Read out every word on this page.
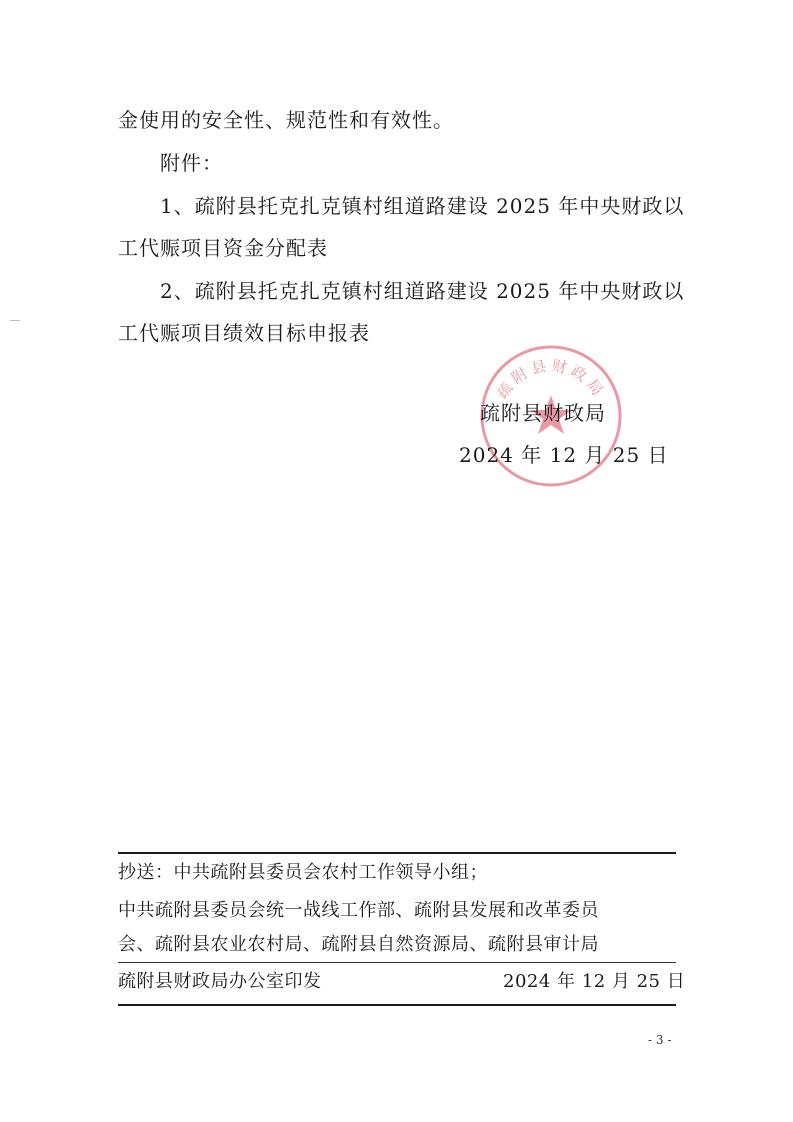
金使用的安全性、规范性和有效性。
附件：
1、疏附县托克扎克镇村组道路建设 2025 年中央财政以
工代赈项目资金分配表
2、疏附县托克扎克镇村组道路建设 2025 年中央财政以
工代赈项目绩效目标申报表
疏附县财政局
疏附县财政局
2024 年 12 月 25 日
抄送：中共疏附县委员会农村工作领导小组；
中共疏附县委员会统一战线工作部、疏附县发展和改革委员
会、疏附县农业农村局、疏附县自然资源局、疏附县审计局
疏附县财政局办公室印发	2024 年 12 月 25 日
- 3 -
